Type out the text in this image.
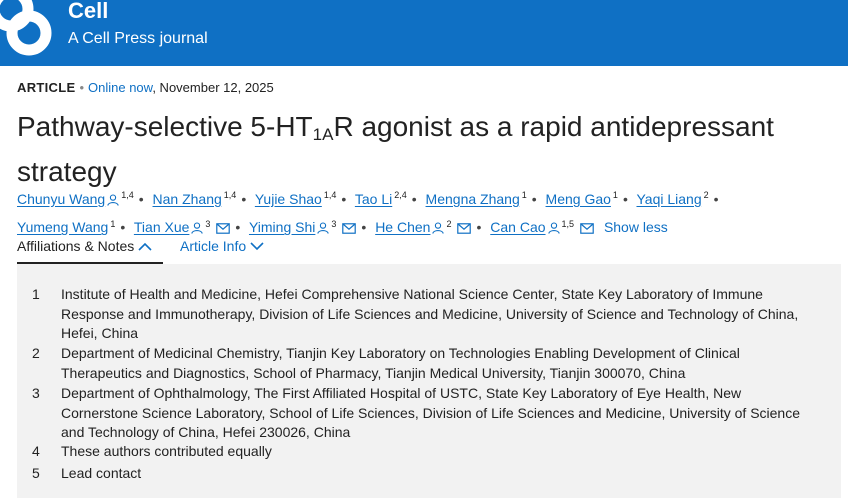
Cell
A Cell Press journal
ARTICLE • Online now, November 12, 2025
Pathway-selective $5-HT_{1A}R$ agonist as a rapid antidepressant strategy
Chunyu Wang $^{1,4}$ • Nan Zhang $^{1,4}$ • Yujie Shao $^{1,4}$ • Tao Li $^{2,4}$ • Mengna Zhang $^1$ • Meng Gao $^1$ • Yaqi Liang $^2$ • Yumeng Wang $^1$ • Tian Xue $^3$ • Yiming Shi $^3$ • He Chen $^2$ • Can Cao $^{1,5}$ Show less
Affiliations & Notes	Article Info
1	Institute of Health and Medicine, Hefei Comprehensive National Science Center, State Key Laboratory of Immune Response and Immunotherapy, Division of Life Sciences and Medicine, University of Science and Technology of China, Hefei, China
2	Department of Medicinal Chemistry, Tianjin Key Laboratory on Technologies Enabling Development of Clinical Therapeutics and Diagnostics, School of Pharmacy, Tianjin Medical University, Tianjin 300070, China
3	Department of Ophthalmology, The First Affiliated Hospital of USTC, State Key Laboratory of Eye Health, New Cornerstone Science Laboratory, School of Life Sciences, Division of Life Sciences and Medicine, University of Science and Technology of China, Hefei 230026, China
4	These authors contributed equally
5	Lead contact
